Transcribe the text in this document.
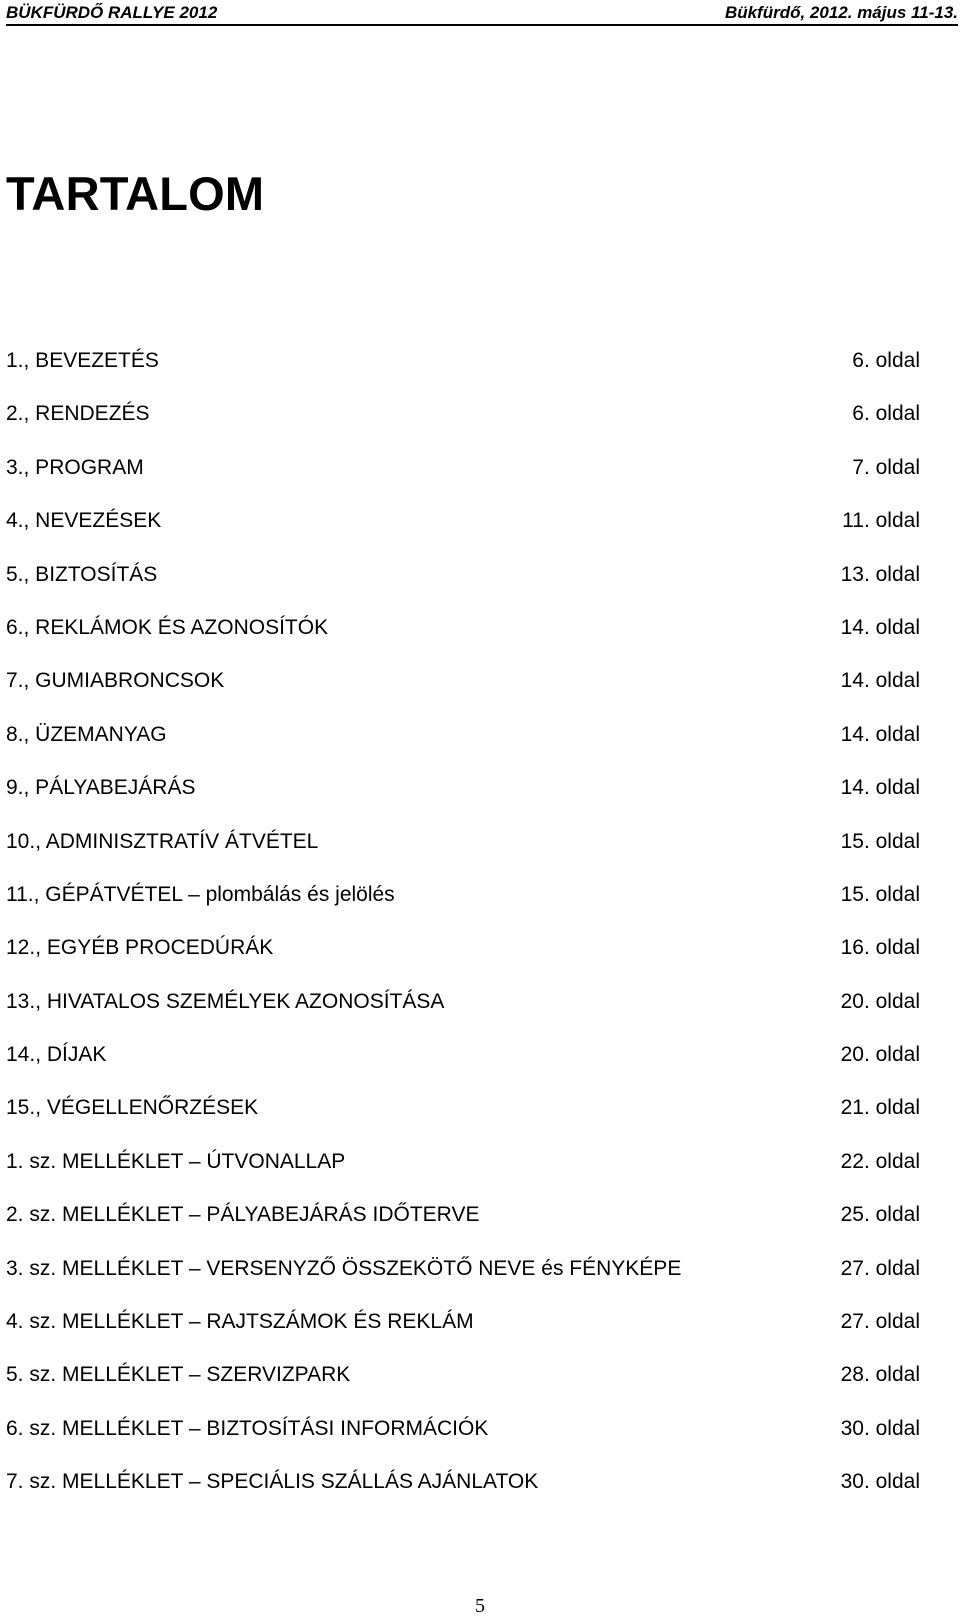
BÜKFÜRDŐ RALLYE 2012	Bükfürdő, 2012. május 11-13.
TARTALOM
1., BEVEZETÉS	6. oldal
2., RENDEZÉS	6. oldal
3., PROGRAM	7. oldal
4., NEVEZÉSEK	11. oldal
5., BIZTOSÍTÁS	13. oldal
6., REKLÁMOK ÉS AZONOSÍTÓK	14. oldal
7., GUMIABRONCSOK	14. oldal
8., ÜZEMANYAG	14. oldal
9., PÁLYABEJÁRÁS	14. oldal
10., ADMINISZTRATÍV ÁTVÉTEL	15. oldal
11., GÉPÁTVÉTEL – plombálás és jelölés	15. oldal
12., EGYÉB PROCEDÚRÁK	16. oldal
13., HIVATALOS SZEMÉLYEK AZONOSÍTÁSA	20. oldal
14., DÍJAK	20. oldal
15., VÉGELLENŐRZÉSEK	21. oldal
1. sz. MELLÉKLET – ÚTVONALLAP	22. oldal
2. sz. MELLÉKLET – PÁLYABEJÁRÁS IDŐTERVE	25. oldal
3. sz. MELLÉKLET – VERSENYZŐ ÖSSZEKÖTŐ NEVE és FÉNYKÉPE	27. oldal
4. sz. MELLÉKLET – RAJTSZÁMOK ÉS REKLÁM	27. oldal
5. sz. MELLÉKLET – SZERVIZPARK	28. oldal
6. sz. MELLÉKLET – BIZTOSÍTÁSI INFORMÁCIÓK	30. oldal
7. sz. MELLÉKLET – SPECIÁLIS SZÁLLÁS AJÁNLATOK	30. oldal
5
